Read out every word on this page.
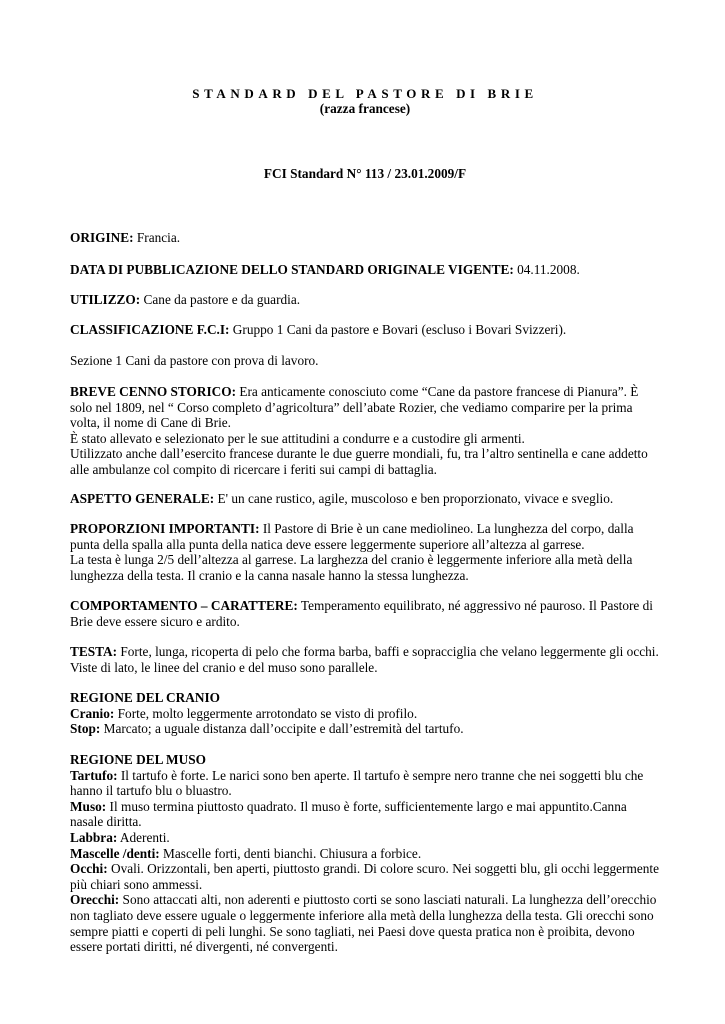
STANDARD DEL PASTORE DI BRIE
(razza francese)
FCI Standard N° 113 / 23.01.2009/F
ORIGINE: Francia.
DATA DI PUBBLICAZIONE DELLO STANDARD ORIGINALE VIGENTE: 04.11.2008.
UTILIZZO: Cane da pastore e da guardia.
CLASSIFICAZIONE F.C.I: Gruppo 1 Cani da pastore e Bovari (escluso i Bovari Svizzeri).
Sezione 1 Cani da pastore con prova di lavoro.
BREVE CENNO STORICO: Era anticamente conosciuto come “Cane da pastore francese di Pianura”. È solo nel 1809, nel “ Corso completo d’agricoltura” dell’abate Rozier, che vediamo comparire per la prima volta, il nome di Cane di Brie.
È stato allevato e selezionato per le sue attitudini a condurre e a custodire gli armenti.
Utilizzato anche dall’esercito francese durante le due guerre mondiali, fu, tra l’altro sentinella e cane addetto alle ambulanze col compito di ricercare i feriti sui campi di battaglia.
ASPETTO GENERALE: E' un cane rustico, agile, muscoloso e ben proporzionato, vivace e sveglio.
PROPORZIONI IMPORTANTI: Il Pastore di Brie è un cane mediolineo. La lunghezza del corpo, dalla punta della spalla alla punta della natica deve essere leggermente superiore all’altezza al garrese.
La testa è lunga 2/5 dell’altezza al garrese. La larghezza del cranio è leggermente inferiore alla metà della lunghezza della testa. Il cranio e la canna nasale hanno la stessa lunghezza.
COMPORTAMENTO – CARATTERE: Temperamento equilibrato, né aggressivo né pauroso. Il Pastore di Brie deve essere sicuro e ardito.
TESTA: Forte, lunga, ricoperta di pelo che forma barba, baffi e sopracciglia che velano leggermente gli occhi. Viste di lato, le linee del cranio e del muso sono parallele.
REGIONE DEL CRANIO
Cranio: Forte, molto leggermente arrotondato se visto di profilo.
Stop: Marcato; a uguale distanza dall’occipite e dall’estremità del tartufo.
REGIONE DEL MUSO
Tartufo: Il tartufo è forte. Le narici sono ben aperte. Il tartufo è sempre nero tranne che nei soggetti blu che hanno il tartufo blu o bluastro.
Muso: Il muso termina piuttosto quadrato. Il muso è forte, sufficientemente largo e mai appuntito.Canna nasale diritta.
Labbra: Aderenti.
Mascelle /denti: Mascelle forti, denti bianchi. Chiusura a forbice.
Occhi: Ovali. Orizzontali, ben aperti, piuttosto grandi. Di colore scuro. Nei soggetti blu, gli occhi leggermente più chiari sono ammessi.
Orecchi: Sono attaccati alti, non aderenti e piuttosto corti se sono lasciati naturali. La lunghezza dell’orecchio non tagliato deve essere uguale o leggermente inferiore alla metà della lunghezza della testa. Gli orecchi sono sempre piatti e coperti di peli lunghi. Se sono tagliati, nei Paesi dove questa pratica non è proibita, devono essere portati diritti, né divergenti, né convergenti.
